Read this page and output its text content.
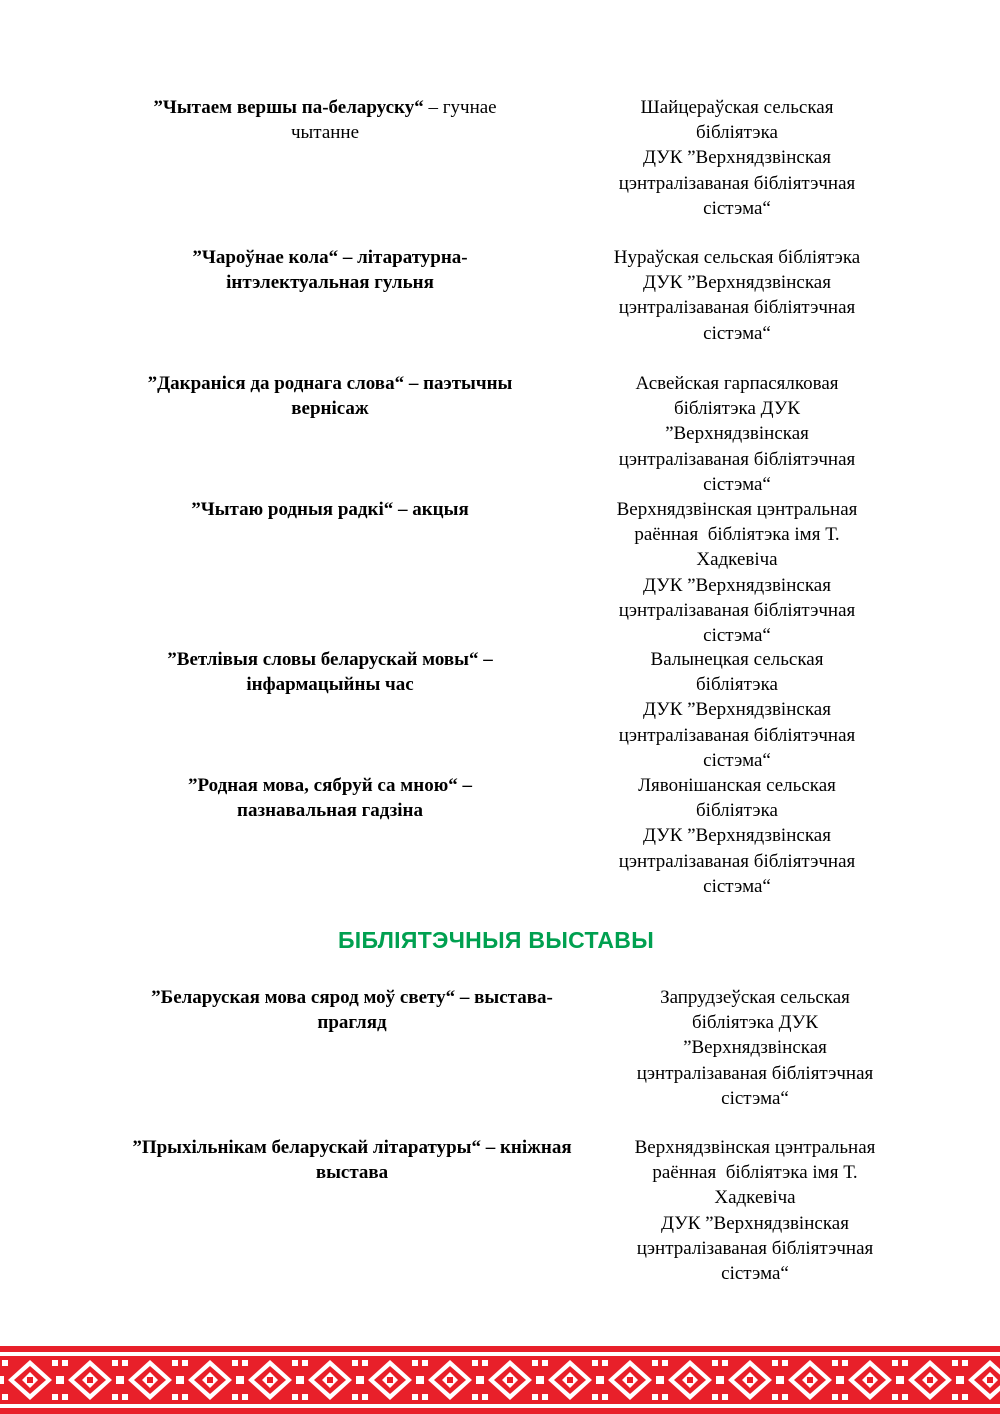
”Чытаем вершы па-беларуску“ – гучнае чытанне
Шайцераўская сельская
бібліятэка
ДУК ”Верхнядзвінская
цэнтралізаваная бібліятэчная
сістэма“
”Чароўнае кола“ – літаратурна-інтэлектуальная гульня
Нураўская сельская бібліятэка
ДУК ”Верхнядзвінская
цэнтралізаваная бібліятэчная
сістэма“
”Дакраніся да роднага слова“ – паэтычны вернісаж
Асвейская гарпасялковая
бібліятэка ДУК
”Верхнядзвінская
цэнтралізаваная бібліятэчная
сістэма“
”Чытаю родныя радкі“ – акцыя	Верхнядзвінская цэнтральная
раённая  бібліятэка імя Т.
Хадкевіча
ДУК ”Верхнядзвінская
цэнтралізаваная бібліятэчная
сістэма“
”Ветлівыя словы беларускай мовы“ – інфармацыйны час
Валынецкая сельская
бібліятэка
ДУК ”Верхнядзвінская
цэнтралізаваная бібліятэчная
сістэма“
”Родная мова, сябруй са мною“ – пазнавальная гадзіна
Лявонішанская сельская
бібліятэка
ДУК ”Верхнядзвінская
цэнтралізаваная бібліятэчная
сістэма“
БІБЛІЯТЭЧНЫЯ ВЫСТАВЫ
”Беларуская мова сярод моў свету“ – выстава-прагляд
Запрудзеўская сельская
бібліятэка ДУК
”Верхнядзвінская
цэнтралізаваная бібліятэчная
сістэма“
”Прыхільнікам беларускай літаратуры“ – кніжная выстава
Верхнядзвінская цэнтральная
раённая  бібліятэка імя Т.
Хадкевіча
ДУК ”Верхнядзвінская
цэнтралізаваная бібліятэчная
сістэма“
